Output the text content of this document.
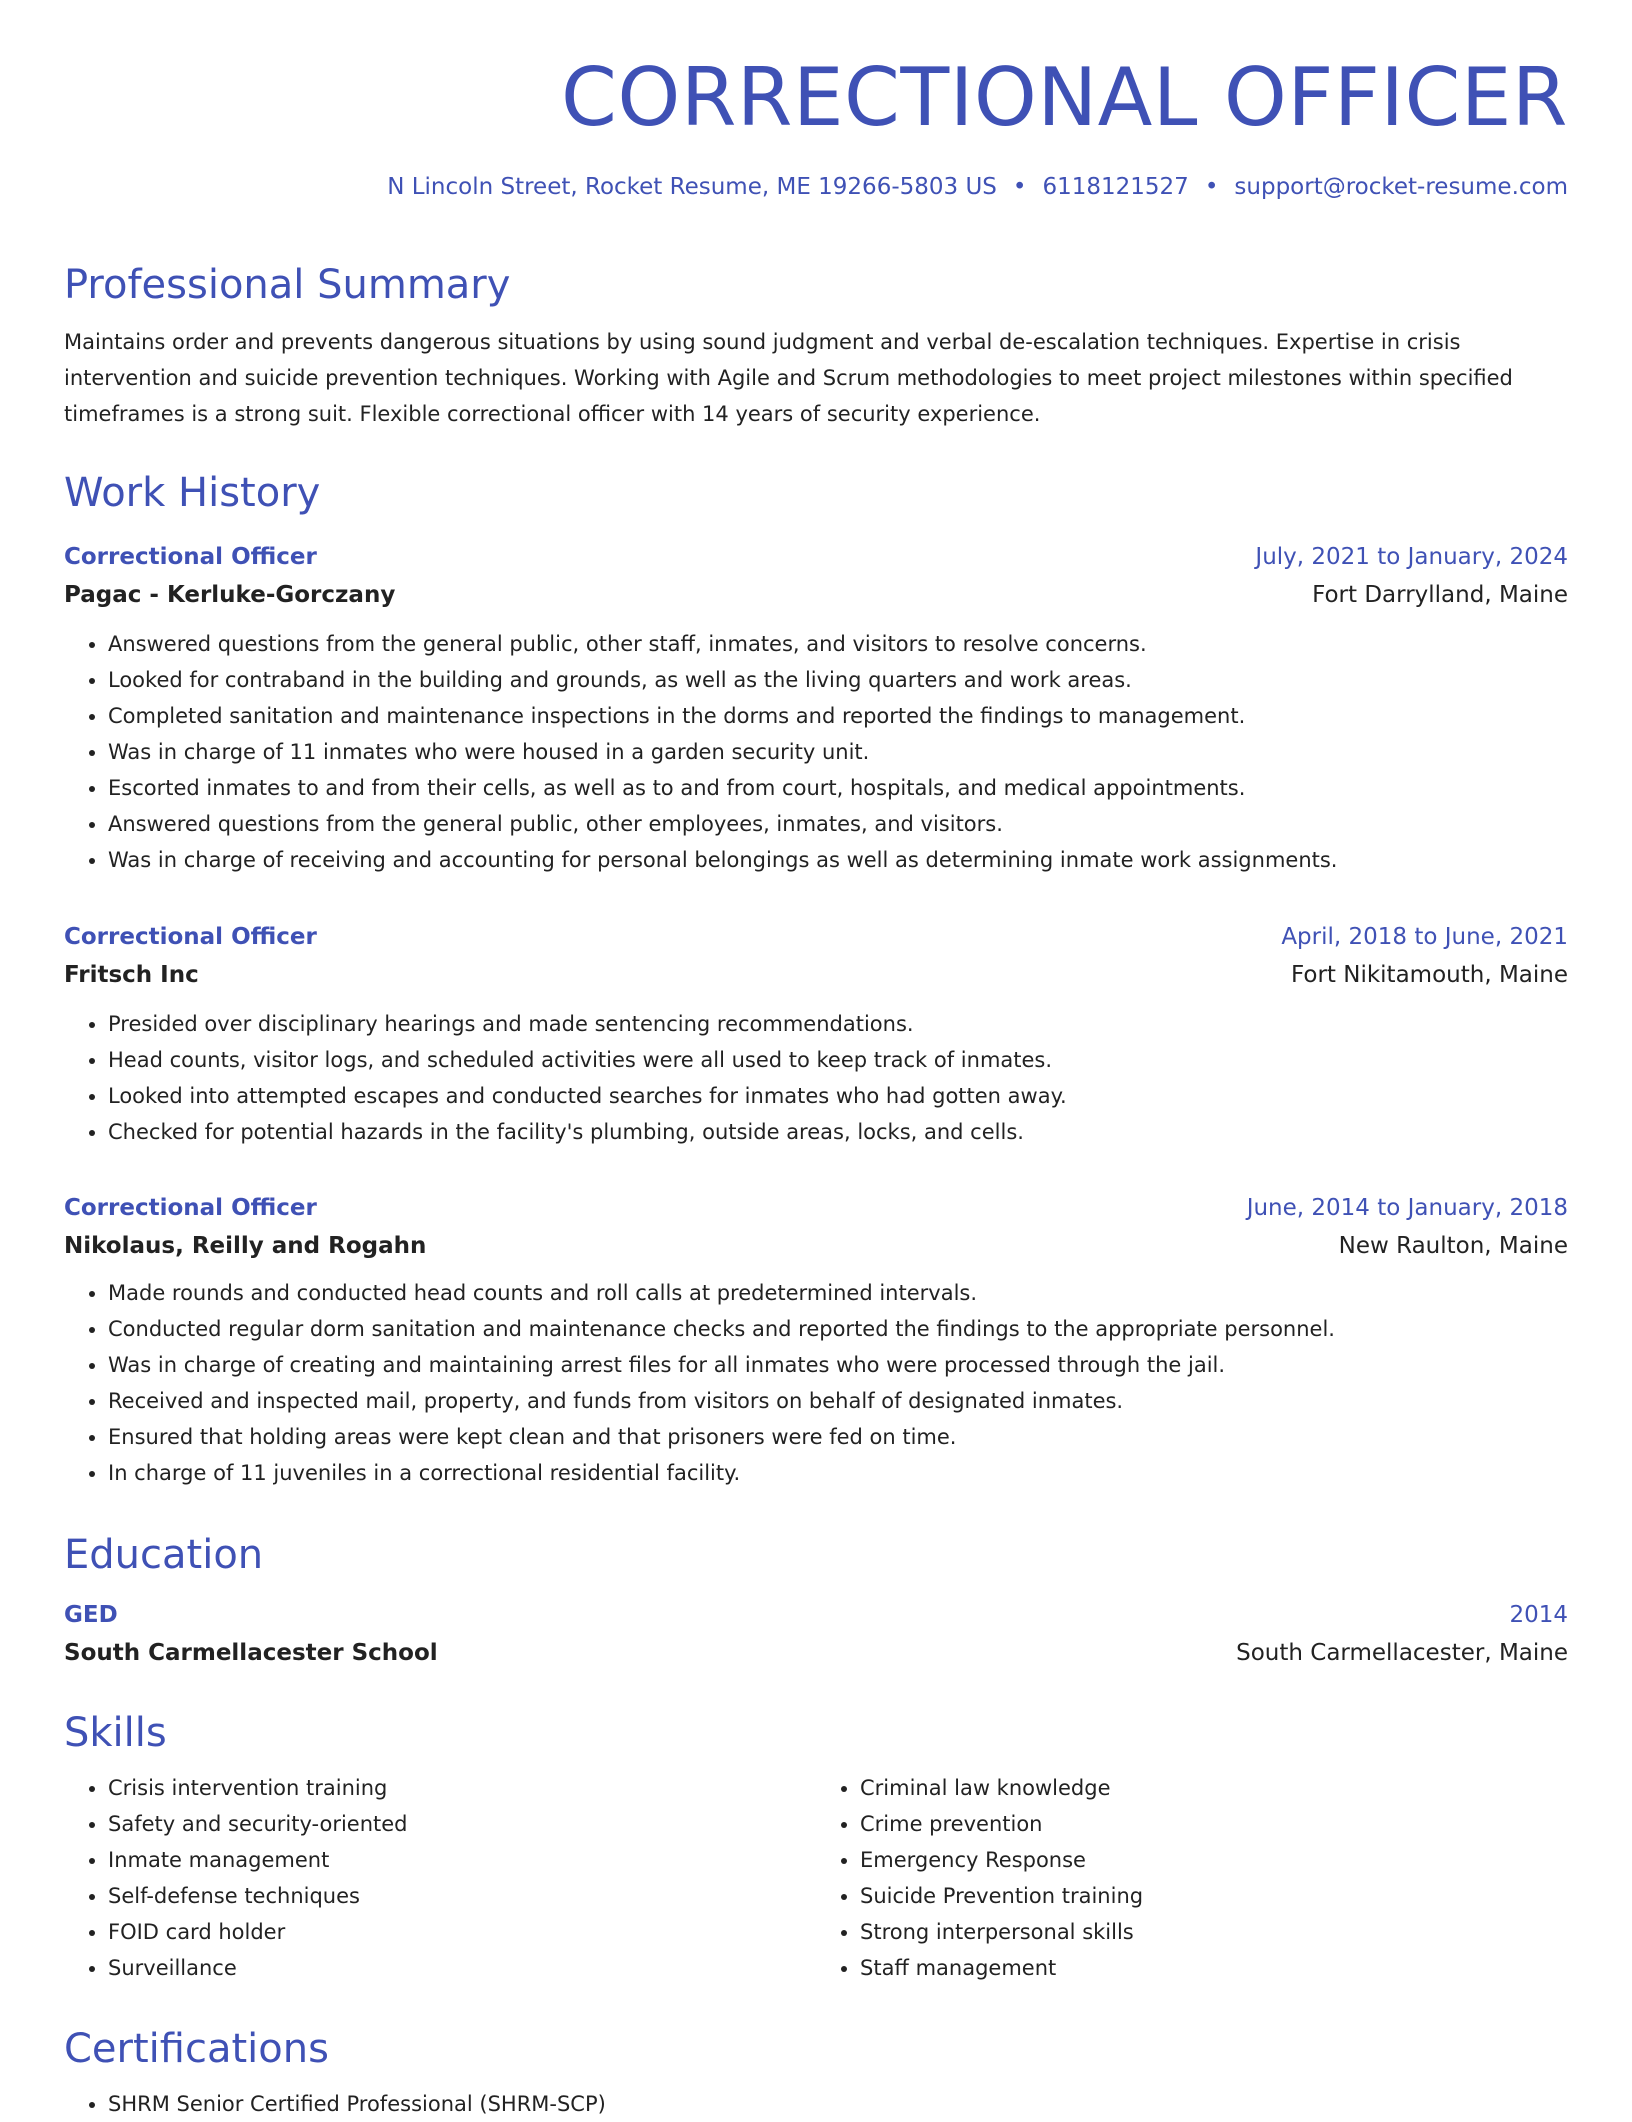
CORRECTIONAL OFFICER
N Lincoln Street, Rocket Resume, ME 19266-5803 US • 6118121527 • support@rocket-resume.com
Professional Summary
Maintains order and prevents dangerous situations by using sound judgment and verbal de-escalation techniques. Expertise in crisis intervention and suicide prevention techniques. Working with Agile and Scrum methodologies to meet project milestones within specified timeframes is a strong suit. Flexible correctional officer with 14 years of security experience.
Work History
Correctional Officer	July, 2021 to January, 2024
Pagac - Kerluke-Gorczany	Fort Darrylland, Maine
• Answered questions from the general public, other staff, inmates, and visitors to resolve concerns.
• Looked for contraband in the building and grounds, as well as the living quarters and work areas.
• Completed sanitation and maintenance inspections in the dorms and reported the findings to management.
• Was in charge of 11 inmates who were housed in a garden security unit.
• Escorted inmates to and from their cells, as well as to and from court, hospitals, and medical appointments.
• Answered questions from the general public, other employees, inmates, and visitors.
• Was in charge of receiving and accounting for personal belongings as well as determining inmate work assignments.
Correctional Officer	April, 2018 to June, 2021
Fritsch Inc	Fort Nikitamouth, Maine
• Presided over disciplinary hearings and made sentencing recommendations.
• Head counts, visitor logs, and scheduled activities were all used to keep track of inmates.
• Looked into attempted escapes and conducted searches for inmates who had gotten away.
• Checked for potential hazards in the facility's plumbing, outside areas, locks, and cells.
Correctional Officer	June, 2014 to January, 2018
Nikolaus, Reilly and Rogahn	New Raulton, Maine
• Made rounds and conducted head counts and roll calls at predetermined intervals.
• Conducted regular dorm sanitation and maintenance checks and reported the findings to the appropriate personnel.
• Was in charge of creating and maintaining arrest files for all inmates who were processed through the jail.
• Received and inspected mail, property, and funds from visitors on behalf of designated inmates.
• Ensured that holding areas were kept clean and that prisoners were fed on time.
• In charge of 11 juveniles in a correctional residential facility.
Education
GED	2014
South Carmellacester School	South Carmellacester, Maine
Skills
• Crisis intervention training
• Safety and security-oriented
• Inmate management
• Self-defense techniques
• FOID card holder
• Surveillance
• Criminal law knowledge
• Crime prevention
• Emergency Response
• Suicide Prevention training
• Strong interpersonal skills
• Staff management
Certifications
• SHRM Senior Certified Professional (SHRM-SCP)
